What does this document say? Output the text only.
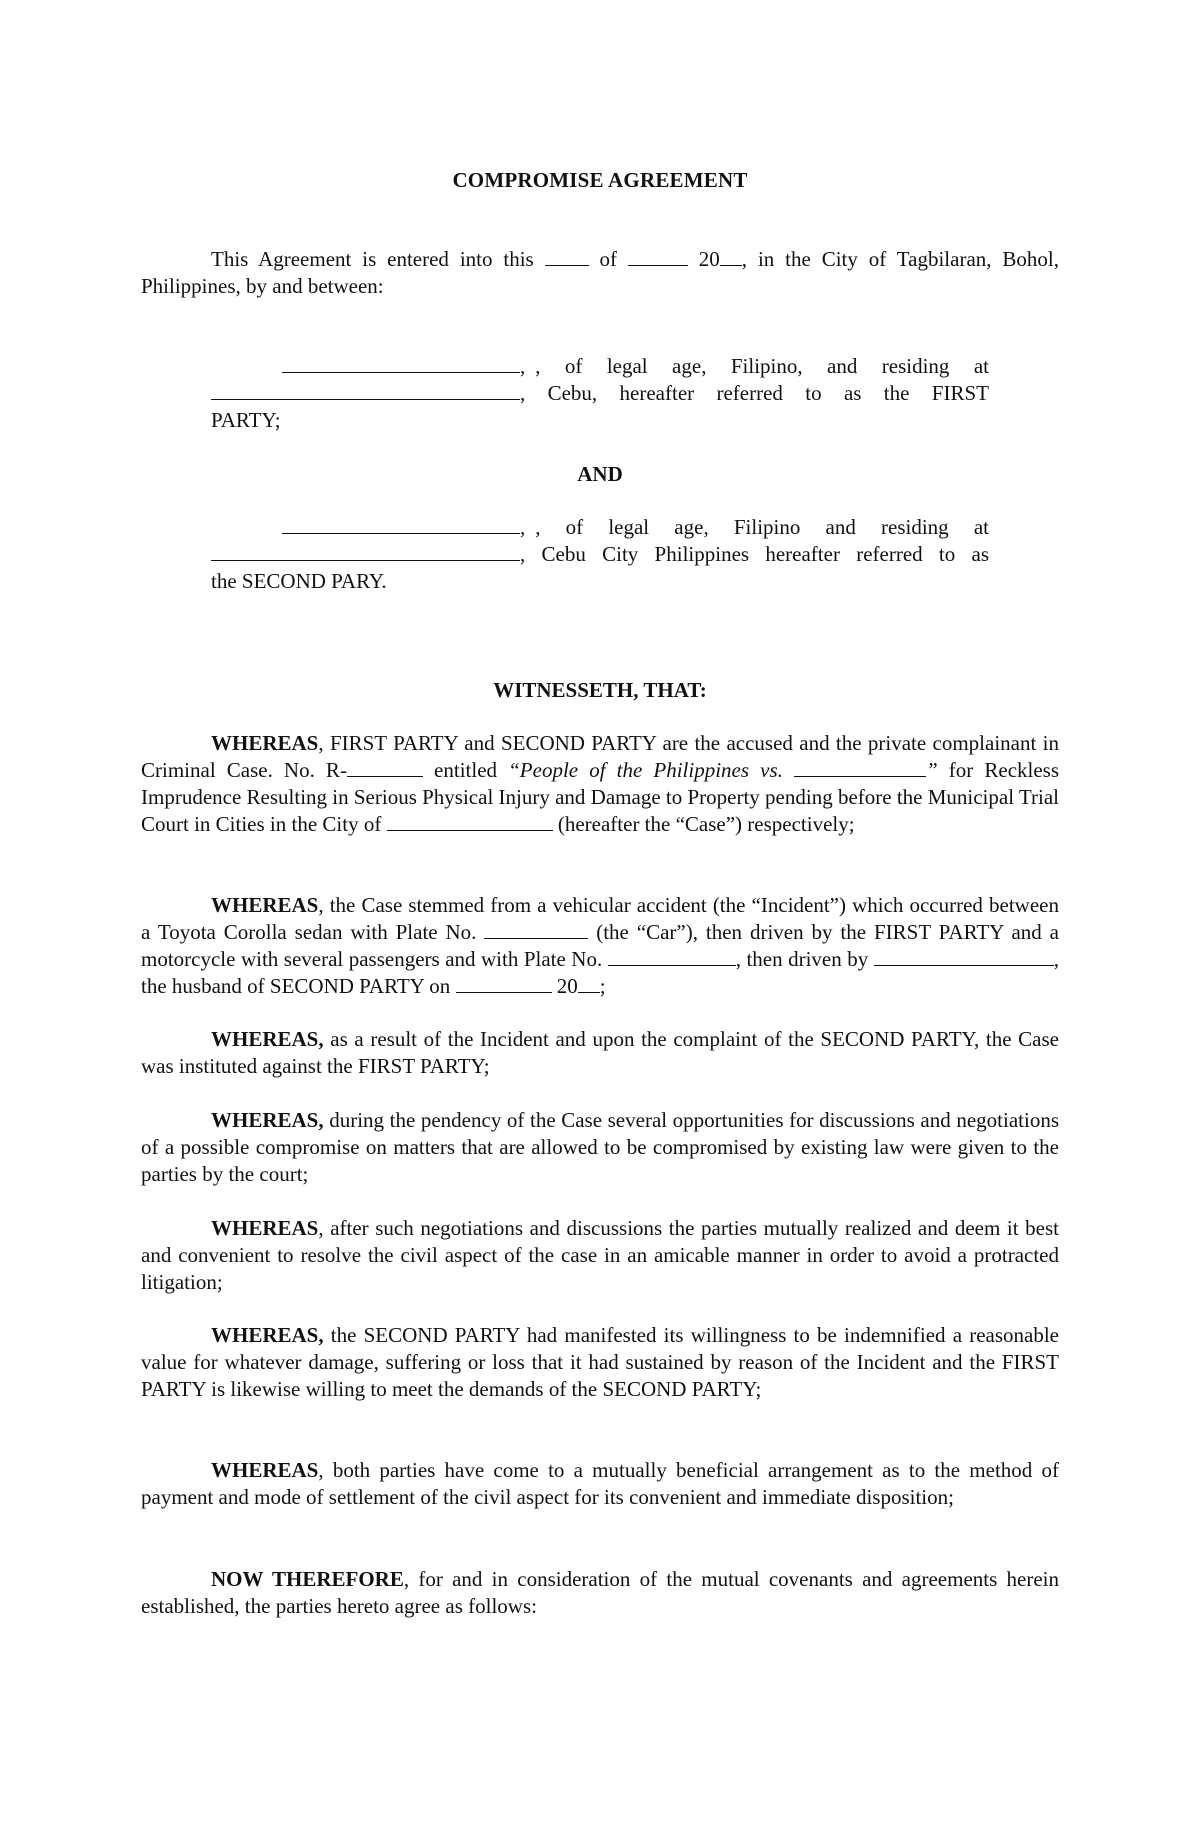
COMPROMISE AGREEMENT
This Agreement is entered into this	of	20 , in the City of Tagbilaran, Bohol, Philippines, by and between:
, , of legal age, Filipino, and residing at
, Cebu, hereafter referred to as the FIRST
PARTY;
AND
, , of legal age, Filipino and residing at
, Cebu City Philippines hereafter referred to as
the SECOND PARY.
WITNESSETH, THAT:
WHEREAS, FIRST PARTY and SECOND PARTY are the accused and the private complainant in Criminal Case. No. R-	entitled “People of the Philippines vs.	” for Reckless Imprudence Resulting in Serious Physical Injury and Damage to Property pending before the Municipal Trial Court in Cities in the City of	(hereafter the “Case”) respectively;
WHEREAS, the Case stemmed from a vehicular accident (the “Incident”) which occurred between a Toyota Corolla sedan with Plate No.	(the “Car”), then driven by the FIRST PARTY and a motorcycle with several passengers and with Plate No.	, then driven by	, the husband of SECOND PARTY on	20 ;
WHEREAS, as a result of the Incident and upon the complaint of the SECOND PARTY, the Case was instituted against the FIRST PARTY;
WHEREAS, during the pendency of the Case several opportunities for discussions and negotiations of a possible compromise on matters that are allowed to be compromised by existing law were given to the parties by the court;
WHEREAS, after such negotiations and discussions the parties mutually realized and deem it best and convenient to resolve the civil aspect of the case in an amicable manner in order to avoid a protracted litigation;
WHEREAS, the SECOND PARTY had manifested its willingness to be indemnified a reasonable value for whatever damage, suffering or loss that it had sustained by reason of the Incident and the FIRST PARTY is likewise willing to meet the demands of the SECOND PARTY;
WHEREAS, both parties have come to a mutually beneficial arrangement as to the method of payment and mode of settlement of the civil aspect for its convenient and immediate disposition;
NOW THEREFORE, for and in consideration of the mutual covenants and agreements herein established, the parties hereto agree as follows:
